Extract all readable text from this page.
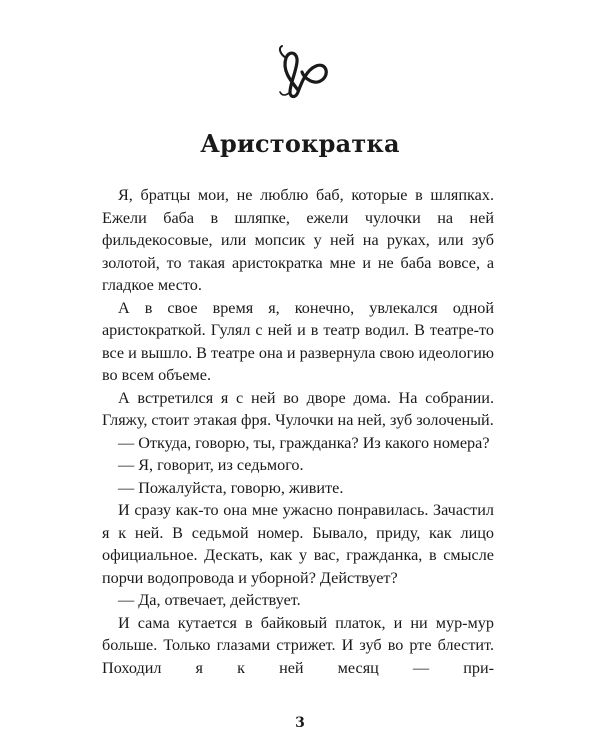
Аристократка

Я, братцы мои, не люблю баб, которые в шляпках. Ежели баба в шляпке, ежели чулочки на ней фильдекосовые, или мопсик у ней на руках, или зуб золотой, то такая аристократка мне и не баба вовсе, а гладкое место.

А в свое время я, конечно, увлекался одной аристократкой. Гулял с ней и в театр водил. В театре-то все и вышло. В театре она и развернула свою идеологию во всем объеме.

А встретился я с ней во дворе дома. На собрании. Гляжу, стоит этакая фря. Чулочки на ней, зуб золоченый.

— Откуда, говорю, ты, гражданка? Из какого номера?

— Я, говорит, из седьмого.

— Пожалуйста, говорю, живите.

И сразу как-то она мне ужасно понравилась. Зачастил я к ней. В седьмой номер. Бывало, приду, как лицо официальное. Дескать, как у вас, гражданка, в смысле порчи водопровода и уборной? Действует?

— Да, отвечает, действует.

И сама кутается в байковый платок, и ни мур-мур больше. Только глазами стрижет. И зуб во рте блестит. Походил я к ней месяц — при-

3
